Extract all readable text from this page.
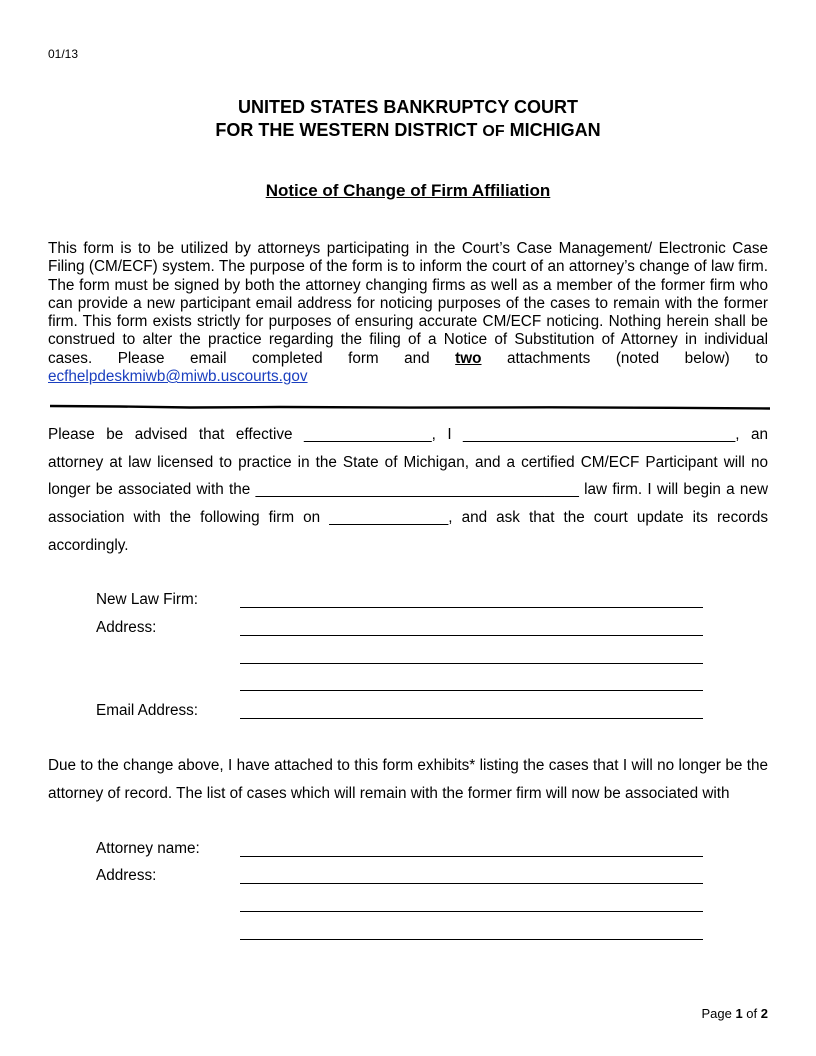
01/13
UNITED STATES BANKRUPTCY COURT
FOR THE WESTERN DISTRICT OF MICHIGAN
Notice of Change of Firm Affiliation
This form is to be utilized by attorneys participating in the Court’s Case Management/ Electronic Case Filing (CM/ECF) system. The purpose of the form is to inform the court of an attorney’s change of law firm. The form must be signed by both the attorney changing firms as well as a member of the former firm who can provide a new participant email address for noticing purposes of the cases to remain with the former firm. This form exists strictly for purposes of ensuring accurate CM/ECF noticing. Nothing herein shall be construed to alter the practice regarding the filing of a Notice of Substitution of Attorney in individual cases. Please email completed form and two attachments (noted below) to ecfhelpdeskmiwb@miwb.uscourts.gov
Please be advised that effective _______________, I ________________________________, an attorney at law licensed to practice in the State of Michigan, and a certified CM/ECF Participant will no longer be associated with the ______________________________________ law firm. I will begin a new association with the following firm on ______________, and ask that the court update its records accordingly.
New Law Firm:
Address:
Email Address:
Due to the change above, I have attached to this form exhibits* listing the cases that I will no longer be the attorney of record. The list of cases which will remain with the former firm will now be associated with
Attorney name:
Address:
Page 1 of 2
